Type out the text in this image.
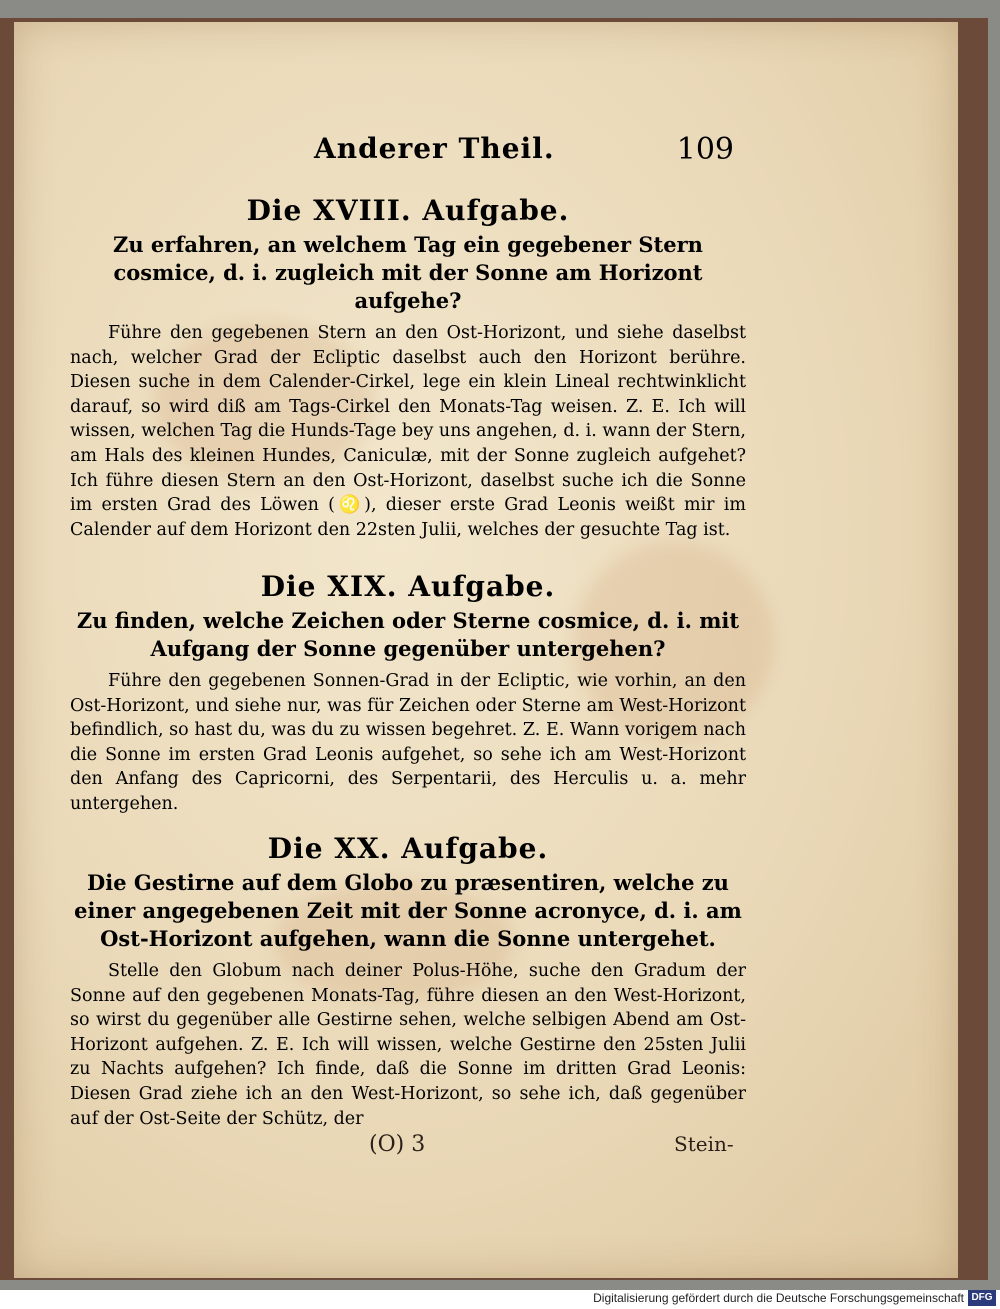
Anderer Theil.	109
Die XVIII. Aufgabe.
Zu erfahren, an welchem Tag ein gegebener Stern cosmice, d. i. zugleich mit der Sonne am Horizont aufgehe?

Führe den gegebenen Stern an den Ost-Horizont, und siehe daselbst nach, welcher Grad der Ecliptic daselbst auch den Horizont berühre. Diesen suche in dem Calender-Cirkel, lege ein klein Lineal rechtwinklicht darauf, so wird diß am Tags-Cirkel den Monats-Tag weisen. Z. E. Ich will wissen, welchen Tag die Hunds-Tage bey uns angehen, d. i. wann der Stern, am Hals des kleinen Hundes, Caniculæ, mit der Sonne zugleich aufgehet? Ich führe diesen Stern an den Ost-Horizont, daselbst suche ich die Sonne im ersten Grad des Löwen (♌), dieser erste Grad Leonis weißt mir im Calender auf dem Horizont den 22sten Julii, welches der gesuchte Tag ist.

Die XIX. Aufgabe.
Zu finden, welche Zeichen oder Sterne cosmice, d. i. mit Aufgang der Sonne gegenüber untergehen?

Führe den gegebenen Sonnen-Grad in der Ecliptic, wie vorhin, an den Ost-Horizont, und siehe nur, was für Zeichen oder Sterne am West-Horizont befindlich, so hast du, was du zu wissen begehret. Z. E. Wann vorigem nach die Sonne im ersten Grad Leonis aufgehet, so sehe ich am West-Horizont den Anfang des Capricorni, des Serpentarii, des Herculis u. a. mehr untergehen.

Die XX. Aufgabe.
Die Gestirne auf dem Globo zu præsentiren, welche zu einer angegebenen Zeit mit der Sonne acronyce, d. i. am Ost-Horizont aufgehen, wann die Sonne untergehet.

Stelle den Globum nach deiner Polus-Höhe, suche den Gradum der Sonne auf den gegebenen Monats-Tag, führe diesen an den West-Horizont, so wirst du gegenüber alle Gestirne sehen, welche selbigen Abend am Ost-Horizont aufgehen. Z. E. Ich will wissen, welche Gestirne den 25sten Julii zu Nachts aufgehen? Ich finde, daß die Sonne im dritten Grad Leonis: Diesen Grad ziehe ich an den West-Horizont, so sehe ich, daß gegenüber auf der Ost-Seite der Schütz, der

(O) 3	Stein-
Digitalisierung gefördert durch die Deutsche Forschungsgemeinschaft DFG
